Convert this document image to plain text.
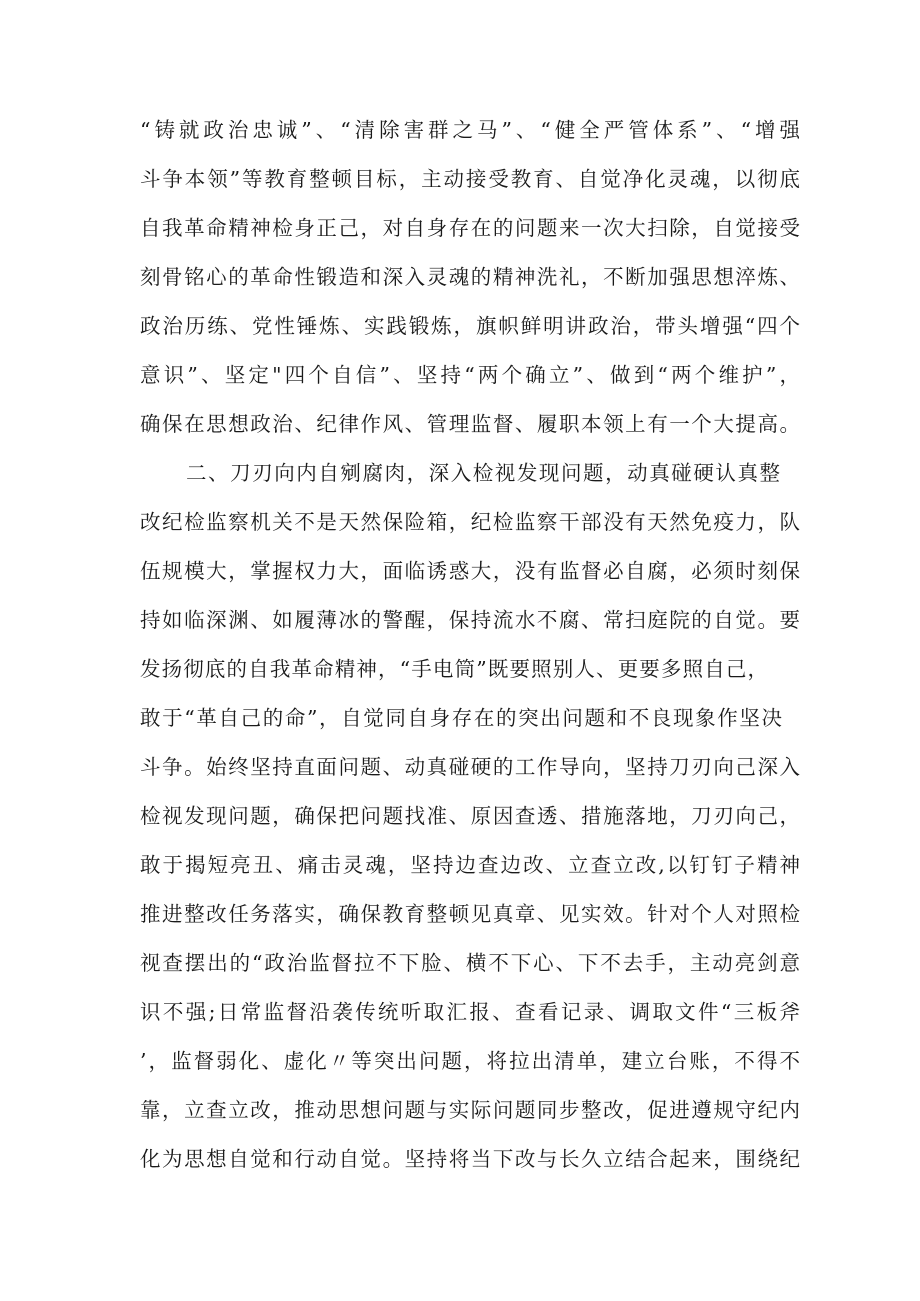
“铸就政治忠诚”、“清除害群之马”、“健全严管体系”、“增强
斗争本领”等教育整顿目标，主动接受教育、自觉净化灵魂，以彻底
自我革命精神检身正己，对自身存在的问题来一次大扫除，自觉接受
刻骨铭心的革命性锻造和深入灵魂的精神洗礼，不断加强思想淬炼、
政治历练、党性锤炼、实践锻炼，旗帜鲜明讲政治，带头增强“四个
意识”、坚定"四个自信”、坚持“两个确立”、做到“两个维护”，
确保在思想政治、纪律作风、管理监督、履职本领上有一个大提高。
二、刀刃向内自剜腐肉，深入检视发现问题，动真碰硬认真整
改纪检监察机关不是天然保险箱，纪检监察干部没有天然免疫力，队
伍规模大，掌握权力大，面临诱惑大，没有监督必自腐，必须时刻保
持如临深渊、如履薄冰的警醒，保持流水不腐、常扫庭院的自觉。要
发扬彻底的自我革命精神，“手电筒”既要照别人、更要多照自己，
敢于“革自己的命”，自觉同自身存在的突出问题和不良现象作坚决
斗争。始终坚持直面问题、动真碰硬的工作导向，坚持刀刃向己深入
检视发现问题，确保把问题找准、原因查透、措施落地，刀刃向己，
敢于揭短亮丑、痛击灵魂，坚持边查边改、立查立改,以钉钉子精神
推进整改任务落实，确保教育整顿见真章、见实效。针对个人对照检
视查摆出的“政治监督拉不下脸、横不下心、下不去手，主动亮剑意
识不强;日常监督沿袭传统听取汇报、查看记录、调取文件“三板斧
’，监督弱化、虚化〃等突出问题，将拉出清单，建立台账，不得不
靠，立查立改，推动思想问题与实际问题同步整改，促进遵规守纪内
化为思想自觉和行动自觉。坚持将当下改与长久立结合起来，围绕纪
